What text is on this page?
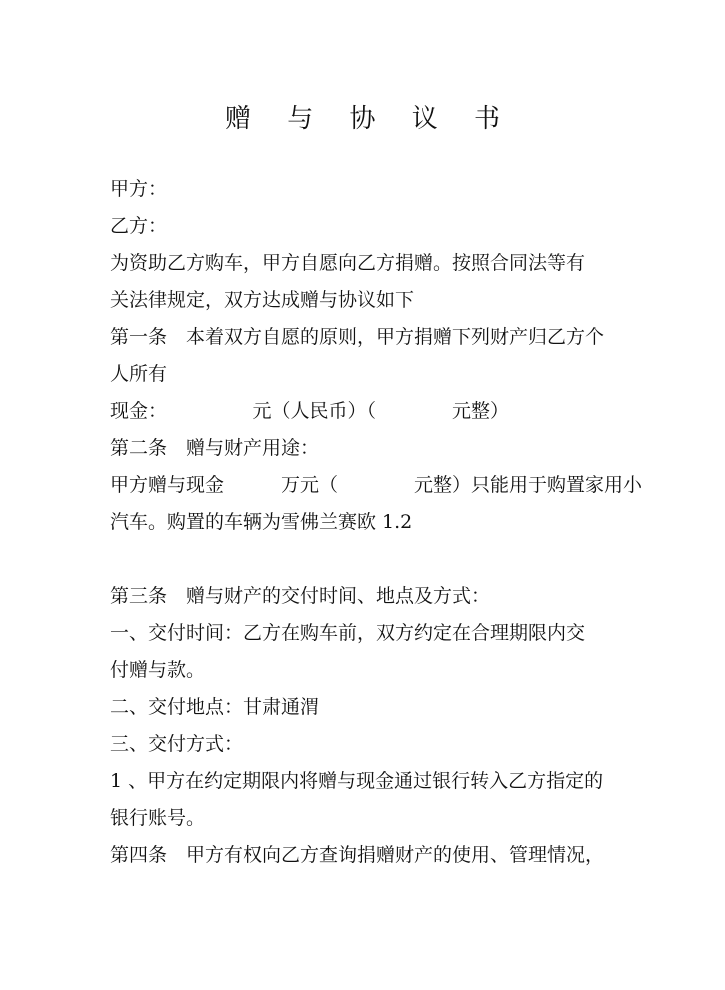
赠 与 协 议 书
甲方：
乙方：
为资助乙方购车，甲方自愿向乙方捐赠。按照合同法等有
关法律规定，双方达成赠与协议如下
第一条　本着双方自愿的原则，甲方捐赠下列财产归乙方个
人所有
现金：　　　　　元（人民币）（　　　　元整）
第二条　赠与财产用途：
甲方赠与现金　　　万元（　　　　元整）只能用于购置家用小
汽车。购置的车辆为雪佛兰赛欧 1.2
第三条　赠与财产的交付时间、地点及方式：
一、交付时间：乙方在购车前，双方约定在合理期限内交
付赠与款。
二、交付地点：甘肃通渭
三、交付方式：
1 、甲方在约定期限内将赠与现金通过银行转入乙方指定的
银行账号。
第四条　甲方有权向乙方查询捐赠财产的使用、管理情况，
